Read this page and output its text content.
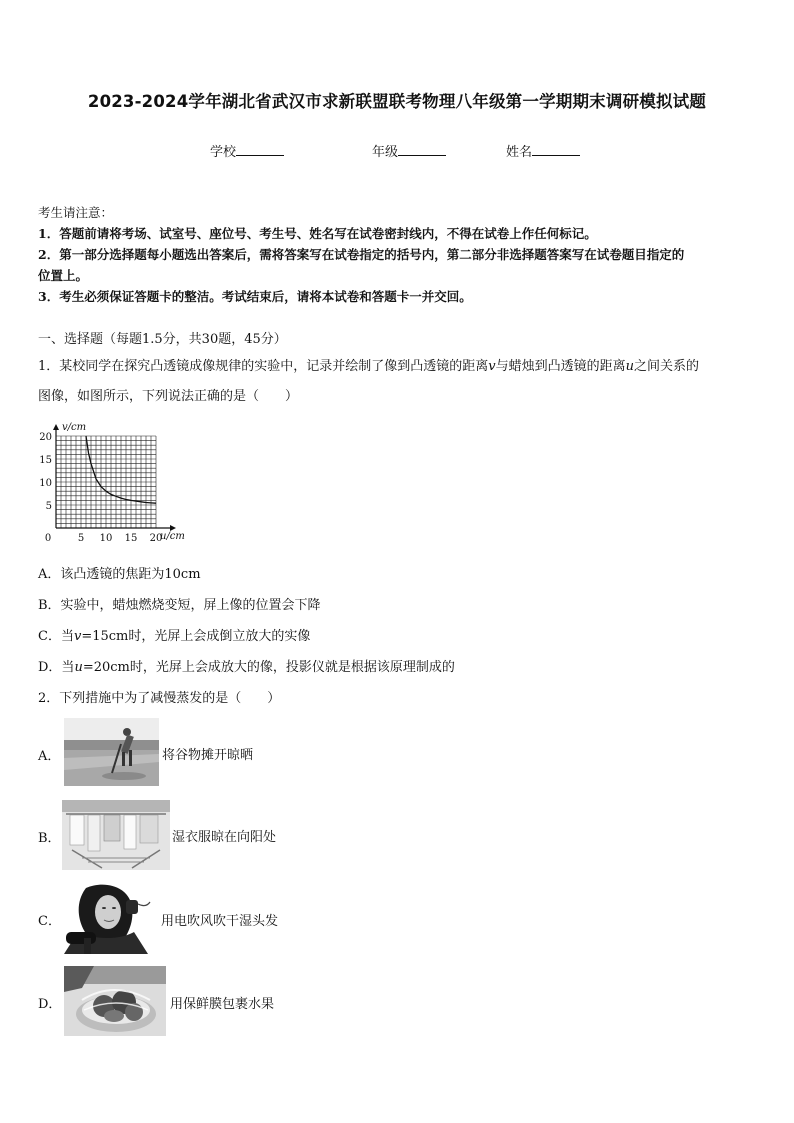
2023-2024学年湖北省武汉市求新联盟联考物理八年级第一学期期末调研模拟试题
学校	年级	姓名
考生请注意：
1．答题前请将考场、试室号、座位号、考生号、姓名写在试卷密封线内，不得在试卷上作任何标记。
2．第一部分选择题每小题选出答案后，需将答案写在试卷指定的括号内，第二部分非选择题答案写在试卷题目指定的
位置上。
3．考生必须保证答题卡的整洁。考试结束后，请将本试卷和答题卡一并交回。
一、选择题（每题1.5分，共30题，45分）
1．某校同学在探究凸透镜成像规律的实验中，记录并绘制了像到凸透镜的距离v与蜡烛到凸透镜的距离u之间关系的
图像，如图所示，下列说法正确的是（　　）
5
10
15
20
5 10 15 20
0
v/cm
u/cm
A．该凸透镜的焦距为10cm
B．实验中，蜡烛燃烧变短，屏上像的位置会下降
C．当v=15cm时，光屏上会成倒立放大的实像
D．当u=20cm时，光屏上会成放大的像，投影仪就是根据该原理制成的
2．下列措施中为了减慢蒸发的是（　　）
A．	将谷物摊开晾晒
B．	湿衣服晾在向阳处
C．	用电吹风吹干湿头发
D．	用保鲜膜包裹水果
